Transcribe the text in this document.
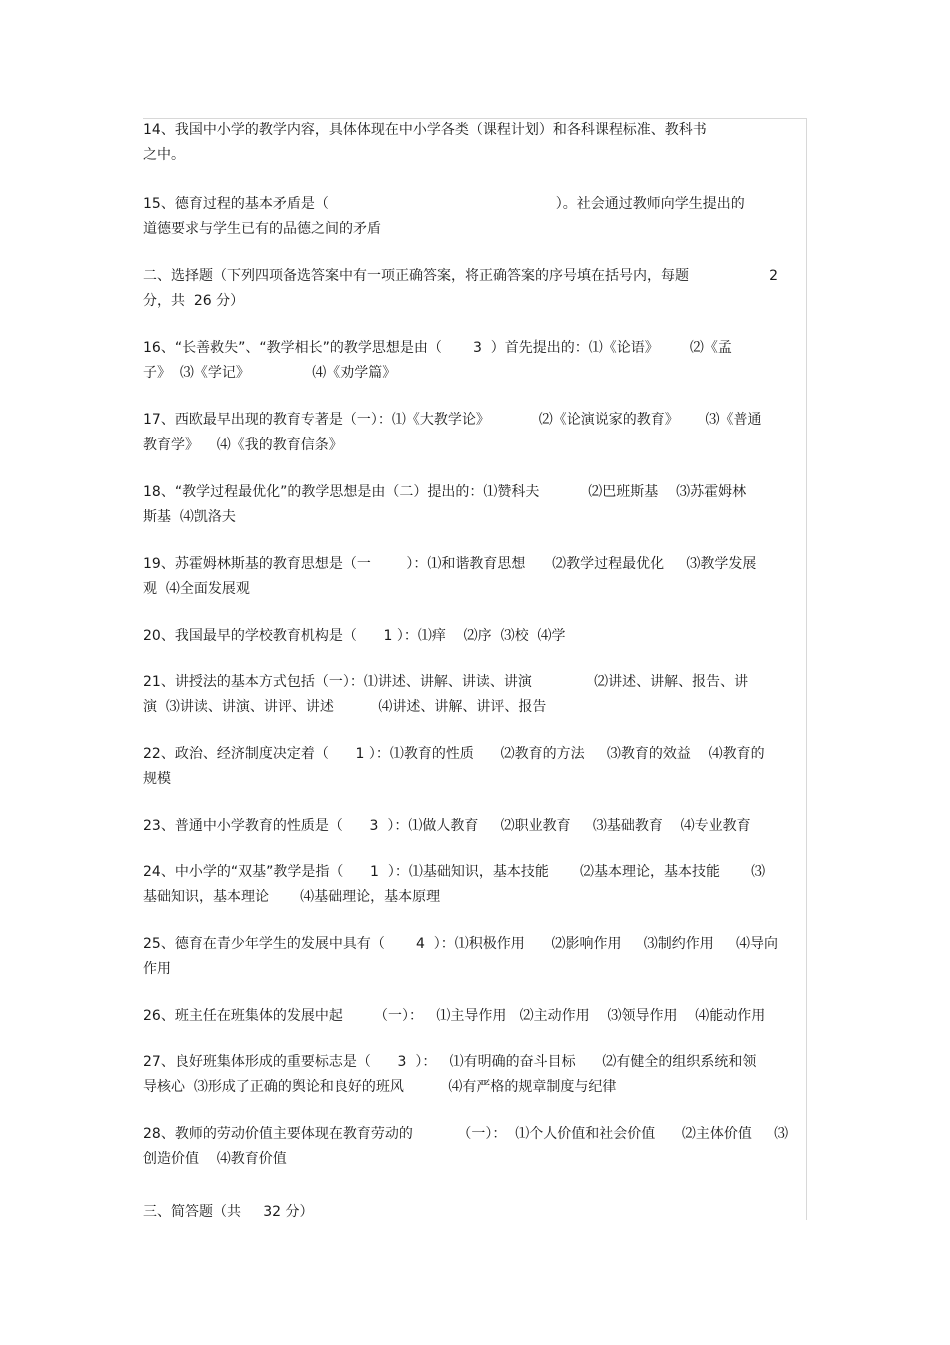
14、我国中小学的教学内容，具体体现在中小学各类（课程计划）和各科课程标准、教科书
之中。
15、德育过程的基本矛盾是（                                                   ）。社会通过教师向学生提出的
道德要求与学生已有的品德之间的矛盾
二、选择题（下列四项备选答案中有一项正确答案，将正确答案的序号填在括号内，每题                  2
分，共  26 分）
16、“长善救失”、“教学相长”的教学思想是由（       3  ）首先提出的：⑴《论语》       ⑵《孟
子》  ⑶《学记》              ⑷《劝学篇》
17、西欧最早出现的教育专著是（一）：⑴《大教学论》           ⑵《论演说家的教育》      ⑶《普通
教育学》    ⑷《我的教育信条》
18、“教学过程最优化”的教学思想是由（二）提出的：⑴赞科夫           ⑵巴班斯基    ⑶苏霍姆林
斯基  ⑷凯洛夫
19、苏霍姆林斯基的教育思想是（一        ）：⑴和谐教育思想      ⑵教学过程最优化     ⑶教学发展
观  ⑷全面发展观
20、我国最早的学校教育机构是（      1 ）：⑴痒    ⑵序  ⑶校  ⑷学
21、讲授法的基本方式包括（一）：⑴讲述、讲解、讲读、讲演              ⑵讲述、讲解、报告、讲
演  ⑶讲读、讲演、讲评、讲述          ⑷讲述、讲解、讲评、报告
22、政治、经济制度决定着（      1 ）：⑴教育的性质      ⑵教育的方法     ⑶教育的效益    ⑷教育的
规模
23、普通中小学教育的性质是（      3  ）：⑴做人教育     ⑵职业教育     ⑶基础教育    ⑷专业教育
24、中小学的“双基”教学是指（      1  ）：⑴基础知识，基本技能       ⑵基本理论，基本技能       ⑶
基础知识，基本理论       ⑷基础理论，基本原理
25、德育在青少年学生的发展中具有（       4  ）：⑴积极作用      ⑵影响作用     ⑶制约作用     ⑷导向
作用
26、班主任在班集体的发展中起       （一）：   ⑴主导作用   ⑵主动作用    ⑶领导作用    ⑷能动作用
27、良好班集体形成的重要标志是（      3  ）：   ⑴有明确的奋斗目标      ⑵有健全的组织系统和领
导核心  ⑶形成了正确的舆论和良好的班风          ⑷有严格的规章制度与纪律
28、教师的劳动价值主要体现在教育劳动的          （一）：  ⑴个人价值和社会价值      ⑵主体价值     ⑶
创造价值    ⑷教育价值
三、简答题（共     32 分）
